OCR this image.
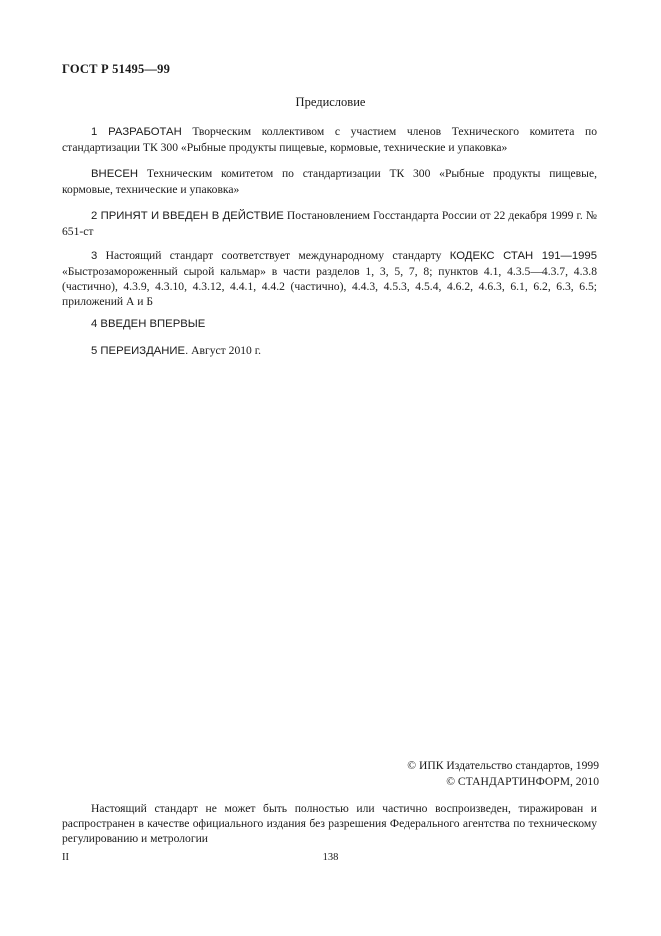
ГОСТ Р 51495—99
Предисловие

1 РАЗРАБОТАН Творческим коллективом с участием членов Технического комитета по стандартизации ТК 300 «Рыбные продукты пищевые, кормовые, технические и упаковка»

ВНЕСЕН Техническим комитетом по стандартизации ТК 300 «Рыбные продукты пищевые, кормовые, технические и упаковка»

2 ПРИНЯТ И ВВЕДЕН В ДЕЙСТВИЕ Постановлением Госстандарта России от 22 декабря 1999 г. № 651-ст

3 Настоящий стандарт соответствует международному стандарту КОДЕКС СТАН 191—1995 «Быстрозамороженный сырой кальмар» в части разделов 1, 3, 5, 7, 8; пунктов 4.1, 4.3.5—4.3.7, 4.3.8 (частично), 4.3.9, 4.3.10, 4.3.12, 4.4.1, 4.4.2 (частично), 4.4.3, 4.5.3, 4.5.4, 4.6.2, 4.6.3, 6.1, 6.2, 6.3, 6.5; приложений А и Б

4 ВВЕДЕН ВПЕРВЫЕ

5 ПЕРЕИЗДАНИЕ. Август 2010 г.

© ИПК Издательство стандартов, 1999
© СТАНДАРТИНФОРМ, 2010

Настоящий стандарт не может быть полностью или частично воспроизведен, тиражирован и распространен в качестве официального издания без разрешения Федерального агентства по техническому регулированию и метрологии

II	138
